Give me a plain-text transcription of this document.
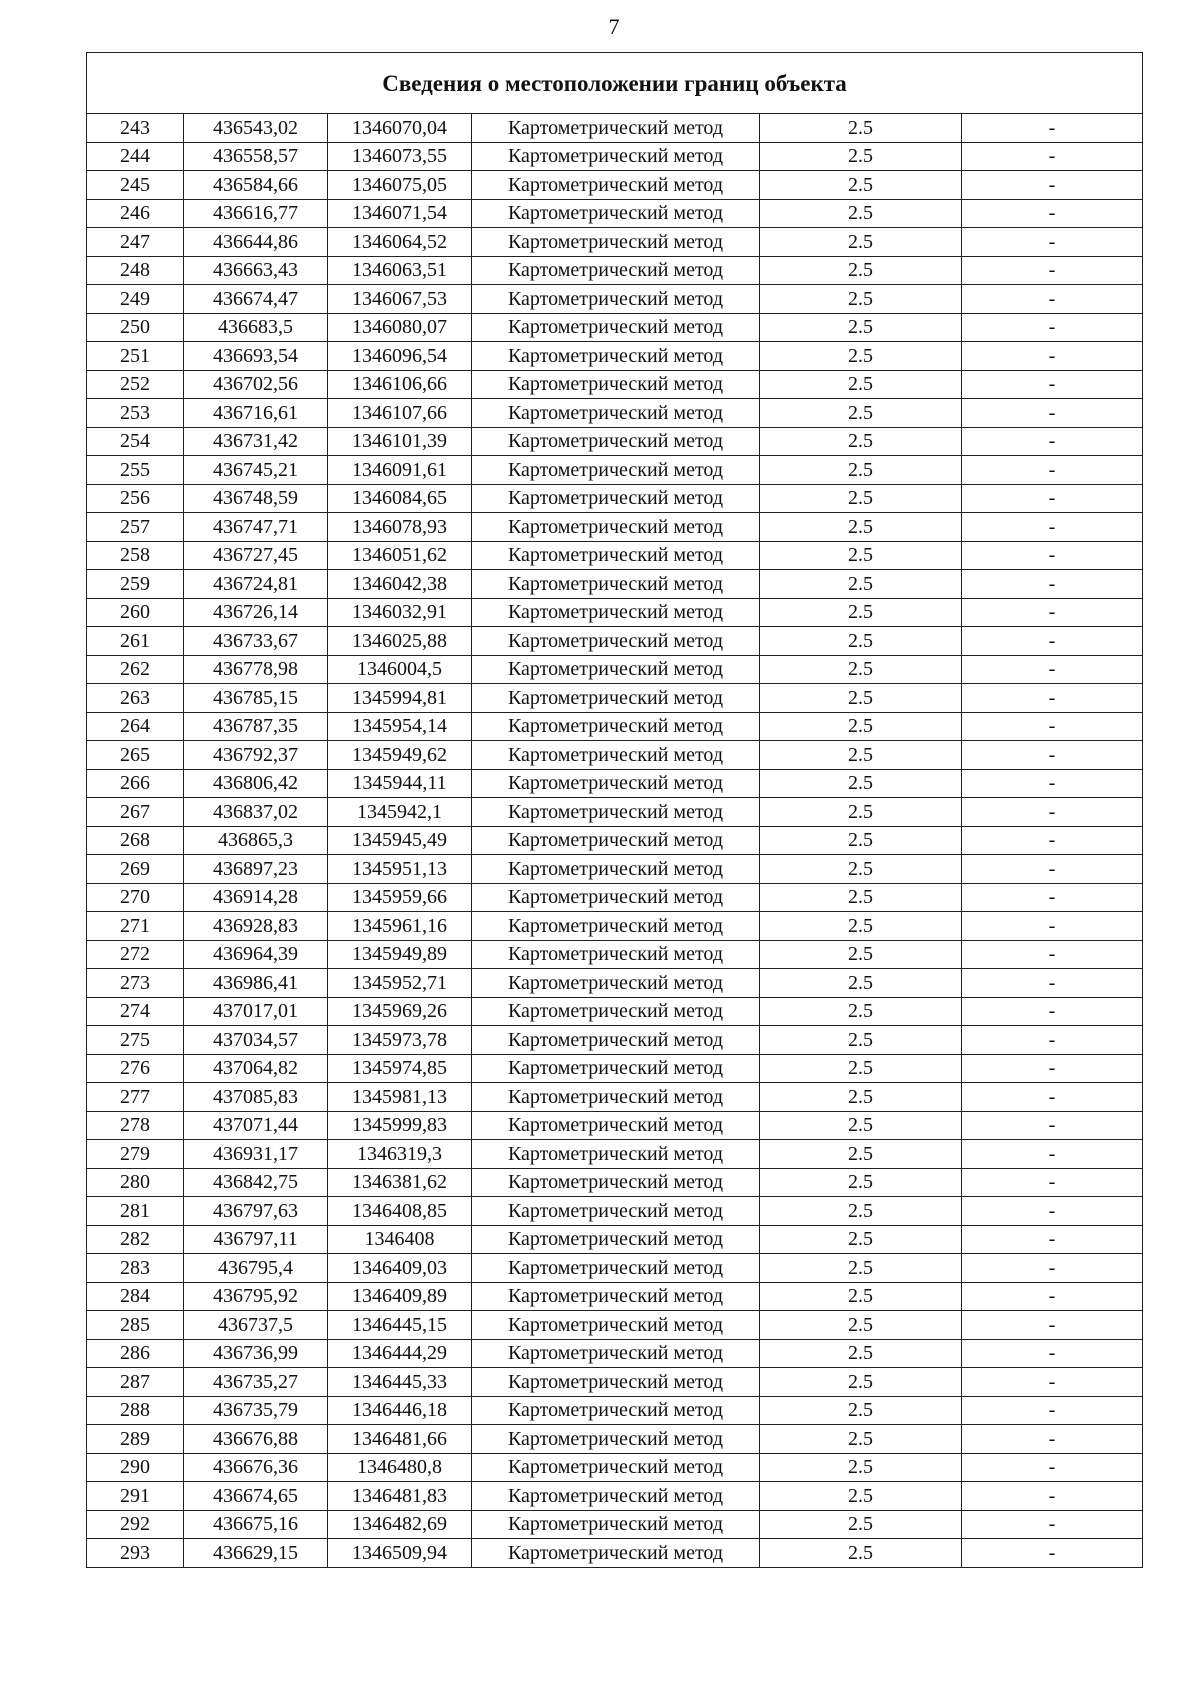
7
Сведения о местоположении границ объекта					
243	436543,02	1346070,04	Картометрический метод	2.5	-
244	436558,57	1346073,55	Картометрический метод	2.5	-
245	436584,66	1346075,05	Картометрический метод	2.5	-
246	436616,77	1346071,54	Картометрический метод	2.5	-
247	436644,86	1346064,52	Картометрический метод	2.5	-
248	436663,43	1346063,51	Картометрический метод	2.5	-
249	436674,47	1346067,53	Картометрический метод	2.5	-
250	436683,5	1346080,07	Картометрический метод	2.5	-
251	436693,54	1346096,54	Картометрический метод	2.5	-
252	436702,56	1346106,66	Картометрический метод	2.5	-
253	436716,61	1346107,66	Картометрический метод	2.5	-
254	436731,42	1346101,39	Картометрический метод	2.5	-
255	436745,21	1346091,61	Картометрический метод	2.5	-
256	436748,59	1346084,65	Картометрический метод	2.5	-
257	436747,71	1346078,93	Картометрический метод	2.5	-
258	436727,45	1346051,62	Картометрический метод	2.5	-
259	436724,81	1346042,38	Картометрический метод	2.5	-
260	436726,14	1346032,91	Картометрический метод	2.5	-
261	436733,67	1346025,88	Картометрический метод	2.5	-
262	436778,98	1346004,5	Картометрический метод	2.5	-
263	436785,15	1345994,81	Картометрический метод	2.5	-
264	436787,35	1345954,14	Картометрический метод	2.5	-
265	436792,37	1345949,62	Картометрический метод	2.5	-
266	436806,42	1345944,11	Картометрический метод	2.5	-
267	436837,02	1345942,1	Картометрический метод	2.5	-
268	436865,3	1345945,49	Картометрический метод	2.5	-
269	436897,23	1345951,13	Картометрический метод	2.5	-
270	436914,28	1345959,66	Картометрический метод	2.5	-
271	436928,83	1345961,16	Картометрический метод	2.5	-
272	436964,39	1345949,89	Картометрический метод	2.5	-
273	436986,41	1345952,71	Картометрический метод	2.5	-
274	437017,01	1345969,26	Картометрический метод	2.5	-
275	437034,57	1345973,78	Картометрический метод	2.5	-
276	437064,82	1345974,85	Картометрический метод	2.5	-
277	437085,83	1345981,13	Картометрический метод	2.5	-
278	437071,44	1345999,83	Картометрический метод	2.5	-
279	436931,17	1346319,3	Картометрический метод	2.5	-
280	436842,75	1346381,62	Картометрический метод	2.5	-
281	436797,63	1346408,85	Картометрический метод	2.5	-
282	436797,11	1346408	Картометрический метод	2.5	-
283	436795,4	1346409,03	Картометрический метод	2.5	-
284	436795,92	1346409,89	Картометрический метод	2.5	-
285	436737,5	1346445,15	Картометрический метод	2.5	-
286	436736,99	1346444,29	Картометрический метод	2.5	-
287	436735,27	1346445,33	Картометрический метод	2.5	-
288	436735,79	1346446,18	Картометрический метод	2.5	-
289	436676,88	1346481,66	Картометрический метод	2.5	-
290	436676,36	1346480,8	Картометрический метод	2.5	-
291	436674,65	1346481,83	Картометрический метод	2.5	-
292	436675,16	1346482,69	Картометрический метод	2.5	-
293	436629,15	1346509,94	Картометрический метод	2.5	-
